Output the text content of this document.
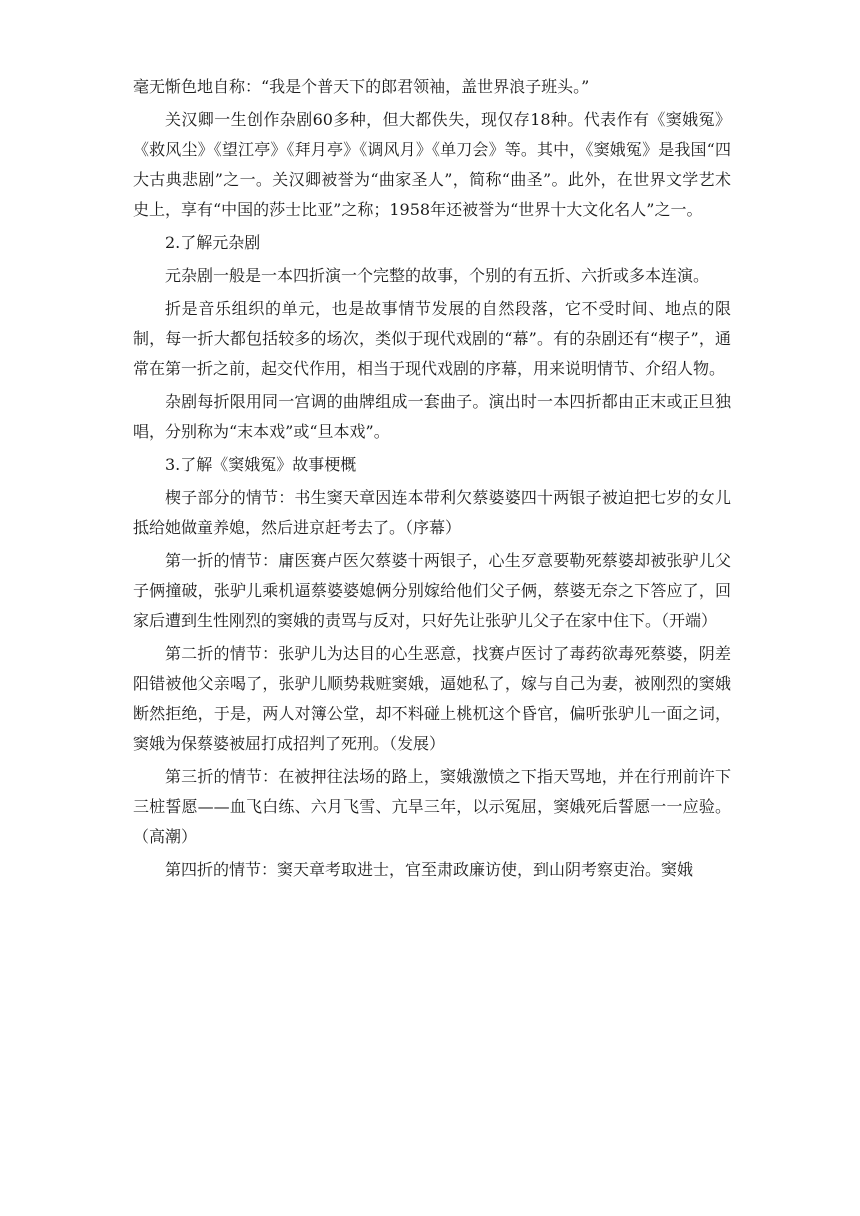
毫无惭色地自称：“我是个普天下的郎君领袖，盖世界浪子班头。”

关汉卿一生创作杂剧60多种，但大都佚失，现仅存18种。代表作有《窦娥冤》《救风尘》《望江亭》《拜月亭》《调风月》《单刀会》等。其中，《窦娥冤》是我国“四大古典悲剧”之一。关汉卿被誉为“曲家圣人”，简称“曲圣”。此外，在世界文学艺术史上，享有“中国的莎士比亚”之称；1958年还被誉为“世界十大文化名人”之一。

2.了解元杂剧

元杂剧一般是一本四折演一个完整的故事，个别的有五折、六折或多本连演。

折是音乐组织的单元，也是故事情节发展的自然段落，它不受时间、地点的限制，每一折大都包括较多的场次，类似于现代戏剧的“幕”。有的杂剧还有“楔子”，通常在第一折之前，起交代作用，相当于现代戏剧的序幕，用来说明情节、介绍人物。

杂剧每折限用同一宫调的曲牌组成一套曲子。演出时一本四折都由正末或正旦独唱，分别称为“末本戏”或“旦本戏”。

3.了解《窦娥冤》故事梗概

楔子部分的情节：书生窦天章因连本带利欠蔡婆婆四十两银子被迫把七岁的女儿抵给她做童养媳，然后进京赶考去了。（序幕）

第一折的情节：庸医赛卢医欠蔡婆十两银子，心生歹意要勒死蔡婆却被张驴儿父子俩撞破，张驴儿乘机逼蔡婆婆媳俩分别嫁给他们父子俩，蔡婆无奈之下答应了，回家后遭到生性刚烈的窦娥的责骂与反对，只好先让张驴儿父子在家中住下。（开端）

第二折的情节：张驴儿为达目的心生恶意，找赛卢医讨了毒药欲毒死蔡婆，阴差阳错被他父亲喝了，张驴儿顺势栽赃窦娥，逼她私了，嫁与自己为妻，被刚烈的窦娥断然拒绝，于是，两人对簿公堂，却不料碰上桃杌这个昏官，偏听张驴儿一面之词，窦娥为保蔡婆被屈打成招判了死刑。（发展）

第三折的情节：在被押往法场的路上，窦娥激愤之下指天骂地，并在行刑前许下三桩誓愿——血飞白练、六月飞雪、亢旱三年，以示冤屈，窦娥死后誓愿一一应验。（高潮）

第四折的情节：窦天章考取进士，官至肃政廉访使，到山阴考察吏治。窦娥
